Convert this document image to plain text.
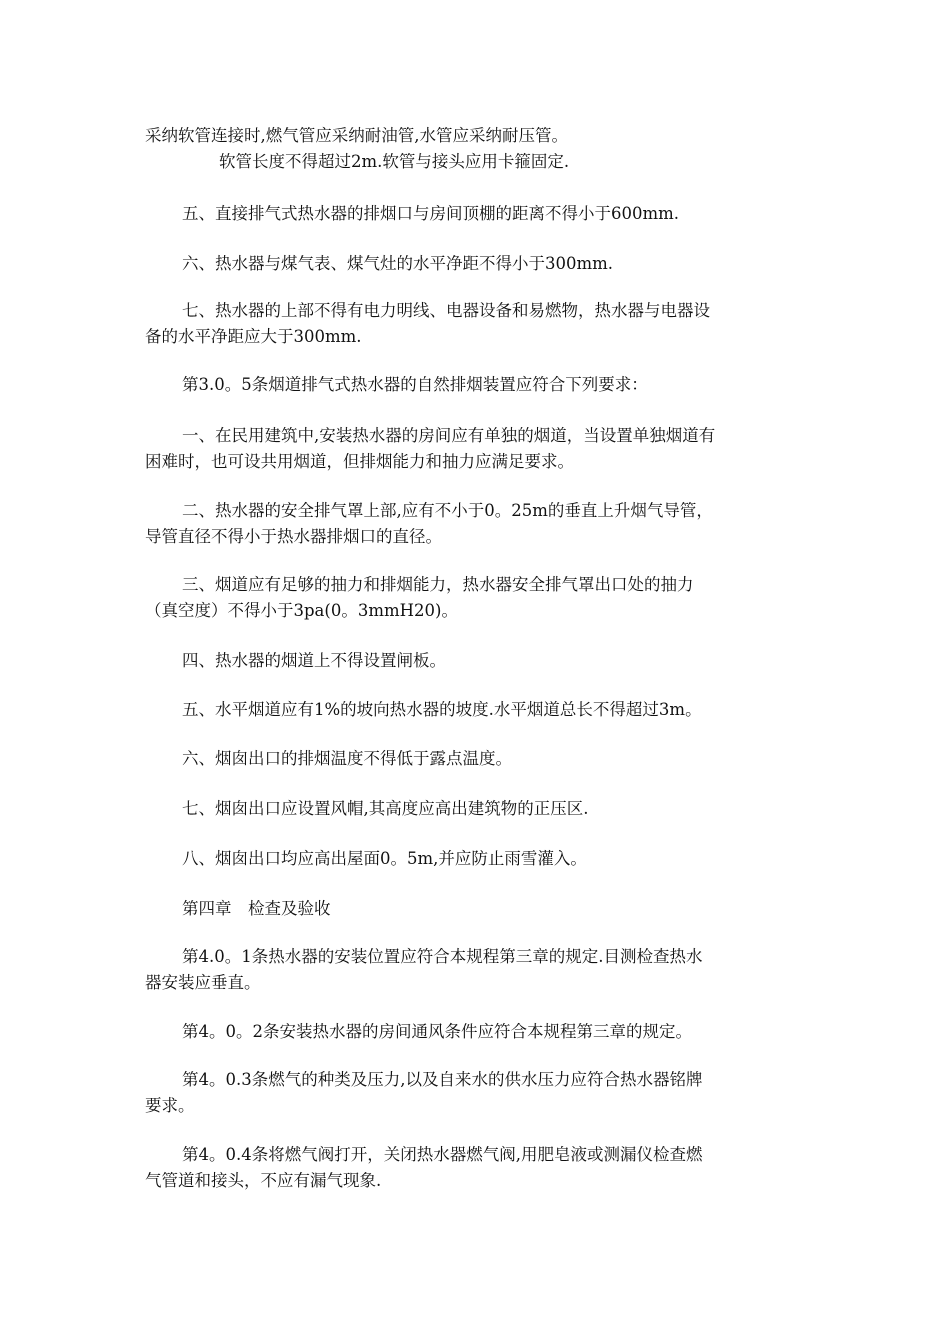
采纳软管连接时,燃气管应采纳耐油管,水管应采纳耐压管。

软管长度不得超过2m.软管与接头应用卡箍固定.

五、直接排气式热水器的排烟口与房间顶棚的距离不得小于600mm.

六、热水器与煤气表、煤气灶的水平净距不得小于300mm.

七、热水器的上部不得有电力明线、电器设备和易燃物，热水器与电器设
备的水平净距应大于300mm.

第3.0。5条烟道排气式热水器的自然排烟装置应符合下列要求：

一、在民用建筑中,安装热水器的房间应有单独的烟道，当设置单独烟道有
困难时，也可设共用烟道，但排烟能力和抽力应满足要求。

二、热水器的安全排气罩上部,应有不小于0。25m的垂直上升烟气导管，
导管直径不得小于热水器排烟口的直径。

三、烟道应有足够的抽力和排烟能力，热水器安全排气罩出口处的抽力
（真空度）不得小于3pa(0。3mmH20)。

四、热水器的烟道上不得设置闸板。

五、水平烟道应有1%的坡向热水器的坡度.水平烟道总长不得超过3m。

六、烟囱出口的排烟温度不得低于露点温度。

七、烟囱出口应设置风帽,其高度应高出建筑物的正压区.

八、烟囱出口均应高出屋面0。5m,并应防止雨雪灌入。

第四章　检查及验收

第4.0。1条热水器的安装位置应符合本规程第三章的规定.目测检查热水
器安装应垂直。

第4。0。2条安装热水器的房间通风条件应符合本规程第三章的规定。

第4。0.3条燃气的种类及压力,以及自来水的供水压力应符合热水器铭牌
要求。

第4。0.4条将燃气阀打开，关闭热水器燃气阀,用肥皂液或测漏仪检查燃
气管道和接头，不应有漏气现象.
